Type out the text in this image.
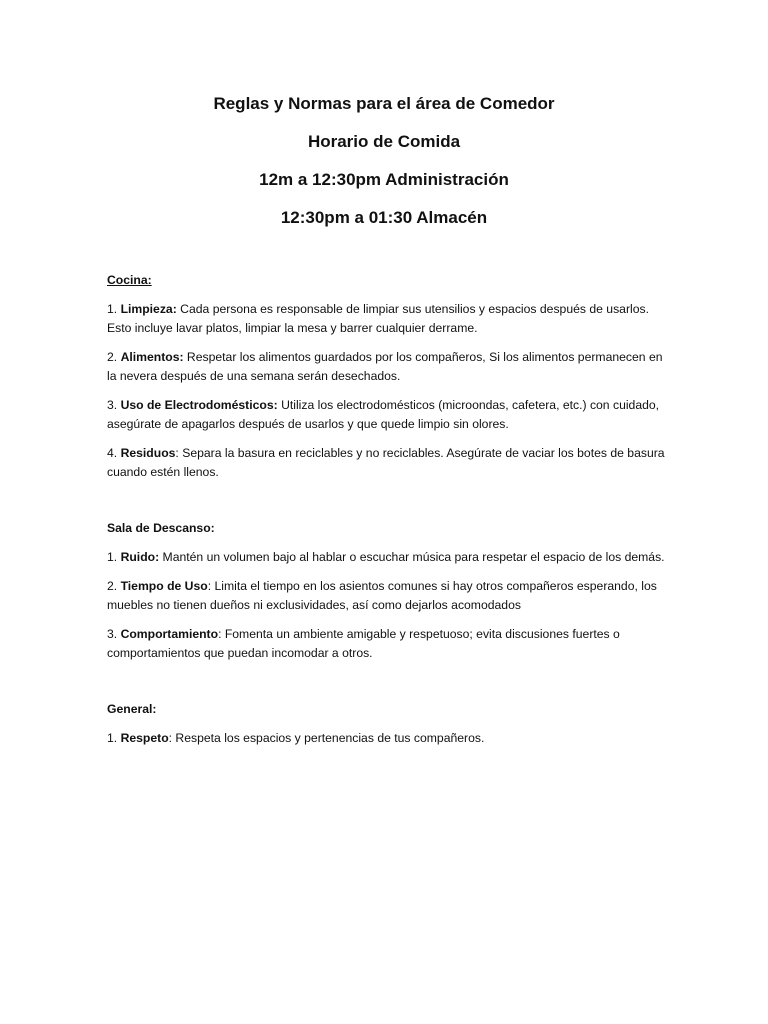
Reglas y Normas para el área de Comedor
Horario de Comida
12m a 12:30pm Administración
12:30pm a 01:30 Almacén
Cocina:

1. Limpieza: Cada persona es responsable de limpiar sus utensilios y espacios después de usarlos. Esto incluye lavar platos, limpiar la mesa y barrer cualquier derrame.

2. Alimentos: Respetar los alimentos guardados por los compañeros, Si los alimentos permanecen en la nevera después de una semana serán desechados.

3. Uso de Electrodomésticos: Utiliza los electrodomésticos (microondas, cafetera, etc.) con cuidado, asegúrate de apagarlos después de usarlos y que quede limpio sin olores.

4. Residuos: Separa la basura en reciclables y no reciclables. Asegúrate de vaciar los botes de basura cuando estén llenos.

Sala de Descanso:

1. Ruido: Mantén un volumen bajo al hablar o escuchar música para respetar el espacio de los demás.

2. Tiempo de Uso: Limita el tiempo en los asientos comunes si hay otros compañeros esperando, los muebles no tienen dueños ni exclusividades, así como dejarlos acomodados

3. Comportamiento: Fomenta un ambiente amigable y respetuoso; evita discusiones fuertes o comportamientos que puedan incomodar a otros.

General:

1. Respeto: Respeta los espacios y pertenencias de tus compañeros.
